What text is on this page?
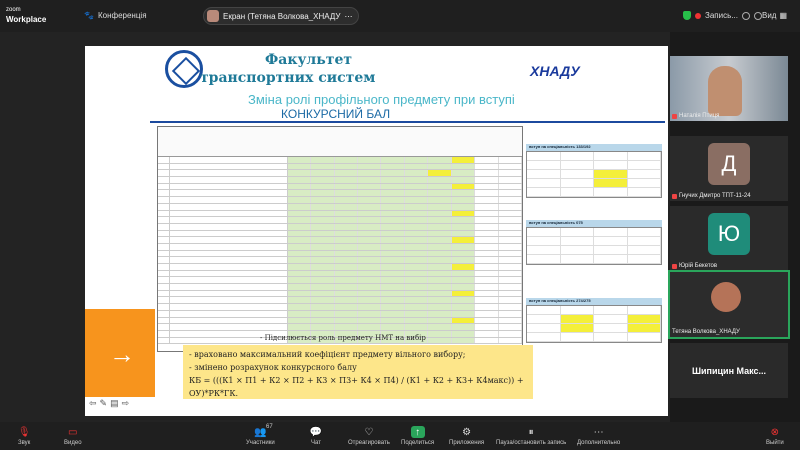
zoom
Workplace	🐾 Конференція	Екран (Тетяна Волкова_ХНАДУ ⋯	Запись...	Вид ▦
Факультет
транспортних систем	ХНАДУ
Зміна ролі профільного предмету при вступі
КОНКУРСНИЙ БАЛ
вступ на спеціальність 133/192
вступ на спеціальність 075
вступ на спеціальність 274/275
→
- Підсилюється роль предмету НМТ на вибір
- враховано максимальний коефіцієнт предмету вільного вибору;
- змінено розрахунок конкурсного балу
КБ = (((К1 × П1 + К2 × П2 + К3 × П3+ К4 × П4) / (К1 + К2 + К3+ К4макс)) + ОУ)*РК*ГК.
⇦ ✎ ▤ ⇨
Наталія Птиця
Д
Гнучих Дмитро ТПТ-11-24
Ю
Юрій Бекетов
Тетяна Волкова_ХНАДУ
Шипицин Макс...
🎙
Звук
▭
Видео
👥
Участники
67	💬
Чат
♡
Отреагировать
↑
Поделиться
⚙
Приложения
⏸
Пауза/остановить запись
⋯
Дополнительно
⊗
Выйти
